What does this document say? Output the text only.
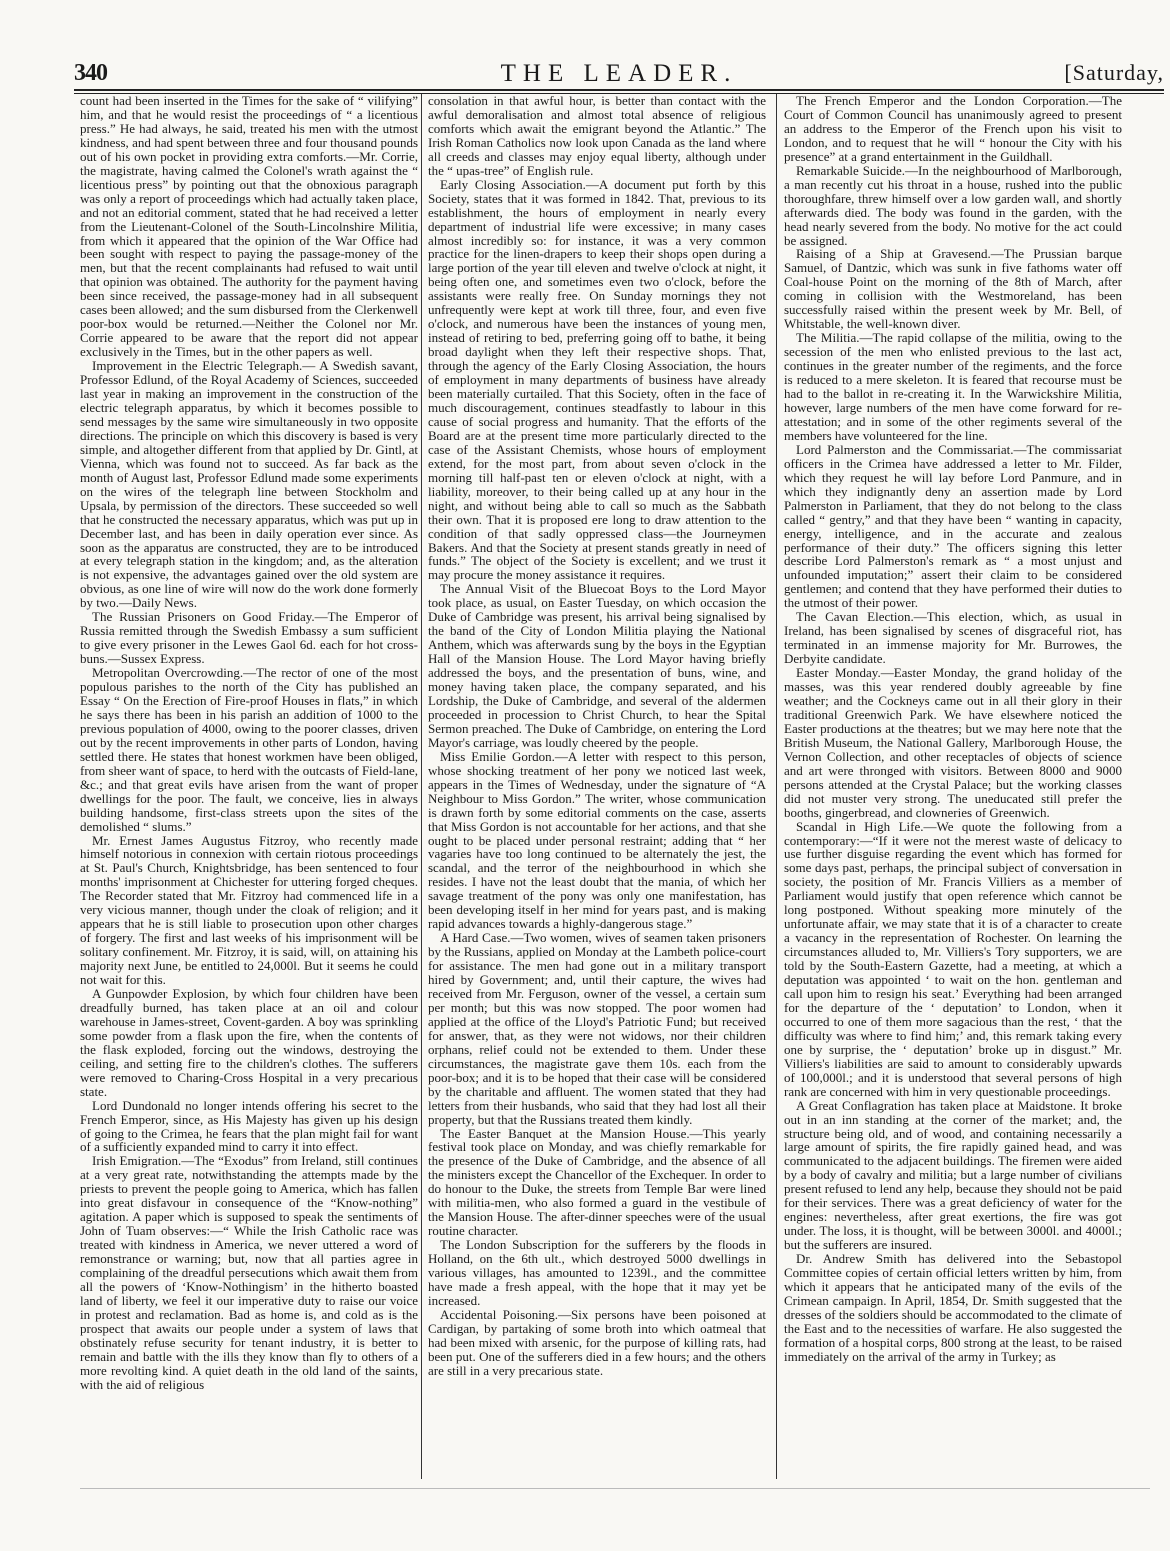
340	THE LEADER.	[Saturday,

count had been inserted in the Times for the sake of “ vilifying” him, and that he would resist the proceedings of “ a licentious press.” He had always, he said, treated his men with the utmost kindness, and had spent between three and four thousand pounds out of his own pocket in providing extra comforts.—Mr. Corrie, the magistrate, having calmed the Colonel's wrath against the “ licentious press” by pointing out that the obnoxious paragraph was only a report of proceedings which had actually taken place, and not an editorial comment, stated that he had received a letter from the Lieutenant-Colonel of the South-Lincolnshire Militia, from which it appeared that the opinion of the War Office had been sought with respect to paying the passage-money of the men, but that the recent complainants had refused to wait until that opinion was obtained. The authority for the payment having been since received, the passage-money had in all subsequent cases been allowed; and the sum disbursed from the Clerkenwell poor-box would be returned.—Neither the Colonel nor Mr. Corrie appeared to be aware that the report did not appear exclusively in the Times, but in the other papers as well.

Improvement in the Electric Telegraph.— A Swedish savant, Professor Edlund, of the Royal Academy of Sciences, succeeded last year in making an improvement in the construction of the electric telegraph apparatus, by which it becomes possible to send messages by the same wire simultaneously in two opposite directions. The principle on which this discovery is based is very simple, and altogether different from that applied by Dr. Gintl, at Vienna, which was found not to succeed. As far back as the month of August last, Professor Edlund made some experiments on the wires of the telegraph line between Stockholm and Upsala, by permission of the directors. These succeeded so well that he constructed the necessary apparatus, which was put up in December last, and has been in daily operation ever since. As soon as the apparatus are constructed, they are to be introduced at every telegraph station in the kingdom; and, as the alteration is not expensive, the advantages gained over the old system are obvious, as one line of wire will now do the work done formerly by two.—Daily News.

The Russian Prisoners on Good Friday.—The Emperor of Russia remitted through the Swedish Embassy a sum sufficient to give every prisoner in the Lewes Gaol 6d. each for hot cross-buns.—Sussex Express.

Metropolitan Overcrowding.—The rector of one of the most populous parishes to the north of the City has published an Essay “ On the Erection of Fire-proof Houses in flats,” in which he says there has been in his parish an addition of 1000 to the previous population of 4000, owing to the poorer classes, driven out by the recent improvements in other parts of London, having settled there. He states that honest workmen have been obliged, from sheer want of space, to herd with the outcasts of Field-lane, &c.; and that great evils have arisen from the want of proper dwellings for the poor. The fault, we conceive, lies in always building handsome, first-class streets upon the sites of the demolished “ slums.”

Mr. Ernest James Augustus Fitzroy, who recently made himself notorious in connexion with certain riotous proceedings at St. Paul's Church, Knightsbridge, has been sentenced to four months' imprisonment at Chichester for uttering forged cheques. The Recorder stated that Mr. Fitzroy had commenced life in a very vicious manner, though under the cloak of religion; and it appears that he is still liable to prosecution upon other charges of forgery. The first and last weeks of his imprisonment will be solitary confinement. Mr. Fitzroy, it is said, will, on attaining his majority next June, be entitled to 24,000l. But it seems he could not wait for this.

A Gunpowder Explosion, by which four children have been dreadfully burned, has taken place at an oil and colour warehouse in James-street, Covent-garden. A boy was sprinkling some powder from a flask upon the fire, when the contents of the flask exploded, forcing out the windows, destroying the ceiling, and setting fire to the children's clothes. The sufferers were removed to Charing-Cross Hospital in a very precarious state.

Lord Dundonald no longer intends offering his secret to the French Emperor, since, as His Majesty has given up his design of going to the Crimea, he fears that the plan might fail for want of a sufficiently expanded mind to carry it into effect.

Irish Emigration.—The “Exodus” from Ireland, still continues at a very great rate, notwithstanding the attempts made by the priests to prevent the people going to America, which has fallen into great disfavour in consequence of the “Know-nothing” agitation. A paper which is supposed to speak the sentiments of John of Tuam observes:—“ While the Irish Catholic race was treated with kindness in America, we never uttered a word of remonstrance or warning; but, now that all parties agree in complaining of the dreadful persecutions which await them from all the powers of ‘Know-Nothingism’ in the hitherto boasted land of liberty, we feel it our imperative duty to raise our voice in protest and reclamation. Bad as home is, and cold as is the prospect that awaits our people under a system of laws that obstinately refuse security for tenant industry, it is better to remain and battle with the ills they know than fly to others of a more revolting kind. A quiet death in the old land of the saints, with the aid of religious

consolation in that awful hour, is better than contact with the awful demoralisation and almost total absence of religious comforts which await the emigrant beyond the Atlantic.” The Irish Roman Catholics now look upon Canada as the land where all creeds and classes may enjoy equal liberty, although under the “ upas-tree” of English rule.

Early Closing Association.—A document put forth by this Society, states that it was formed in 1842. That, previous to its establishment, the hours of employment in nearly every department of industrial life were excessive; in many cases almost incredibly so: for instance, it was a very common practice for the linen-drapers to keep their shops open during a large portion of the year till eleven and twelve o'clock at night, it being often one, and sometimes even two o'clock, before the assistants were really free. On Sunday mornings they not unfrequently were kept at work till three, four, and even five o'clock, and numerous have been the instances of young men, instead of retiring to bed, preferring going off to bathe, it being broad daylight when they left their respective shops. That, through the agency of the Early Closing Association, the hours of employment in many departments of business have already been materially curtailed. That this Society, often in the face of much discouragement, continues steadfastly to labour in this cause of social progress and humanity. That the efforts of the Board are at the present time more particularly directed to the case of the Assistant Chemists, whose hours of employment extend, for the most part, from about seven o'clock in the morning till half-past ten or eleven o'clock at night, with a liability, moreover, to their being called up at any hour in the night, and without being able to call so much as the Sabbath their own. That it is proposed ere long to draw attention to the condition of that sadly oppressed class—the Journeymen Bakers. And that the Society at present stands greatly in need of funds.” The object of the Society is excellent; and we trust it may procure the money assistance it requires.

The Annual Visit of the Bluecoat Boys to the Lord Mayor took place, as usual, on Easter Tuesday, on which occasion the Duke of Cambridge was present, his arrival being signalised by the band of the City of London Militia playing the National Anthem, which was afterwards sung by the boys in the Egyptian Hall of the Mansion House. The Lord Mayor having briefly addressed the boys, and the presentation of buns, wine, and money having taken place, the company separated, and his Lordship, the Duke of Cambridge, and several of the aldermen proceeded in procession to Christ Church, to hear the Spital Sermon preached. The Duke of Cambridge, on entering the Lord Mayor's carriage, was loudly cheered by the people.

Miss Emilie Gordon.—A letter with respect to this person, whose shocking treatment of her pony we noticed last week, appears in the Times of Wednesday, under the signature of “A Neighbour to Miss Gordon.” The writer, whose communication is drawn forth by some editorial comments on the case, asserts that Miss Gordon is not accountable for her actions, and that she ought to be placed under personal restraint; adding that “ her vagaries have too long continued to be alternately the jest, the scandal, and the terror of the neighbourhood in which she resides. I have not the least doubt that the mania, of which her savage treatment of the pony was only one manifestation, has been developing itself in her mind for years past, and is making rapid advances towards a highly-dangerous stage.”

A Hard Case.—Two women, wives of seamen taken prisoners by the Russians, applied on Monday at the Lambeth police-court for assistance. The men had gone out in a military transport hired by Government; and, until their capture, the wives had received from Mr. Ferguson, owner of the vessel, a certain sum per month; but this was now stopped. The poor women had applied at the office of the Lloyd's Patriotic Fund; but received for answer, that, as they were not widows, nor their children orphans, relief could not be extended to them. Under these circumstances, the magistrate gave them 10s. each from the poor-box; and it is to be hoped that their case will be considered by the charitable and affluent. The women stated that they had letters from their husbands, who said that they had lost all their property, but that the Russians treated them kindly.

The Easter Banquet at the Mansion House.—This yearly festival took place on Monday, and was chiefly remarkable for the presence of the Duke of Cambridge, and the absence of all the ministers except the Chancellor of the Exchequer. In order to do honour to the Duke, the streets from Temple Bar were lined with militia-men, who also formed a guard in the vestibule of the Mansion House. The after-dinner speeches were of the usual routine character.

The London Subscription for the sufferers by the floods in Holland, on the 6th ult., which destroyed 5000 dwellings in various villages, has amounted to 1239l., and the committee have made a fresh appeal, with the hope that it may yet be increased.

Accidental Poisoning.—Six persons have been poisoned at Cardigan, by partaking of some broth into which oatmeal that had been mixed with arsenic, for the purpose of killing rats, had been put. One of the sufferers died in a few hours; and the others are still in a very precarious state.

The French Emperor and the London Corporation.—The Court of Common Council has unanimously agreed to present an address to the Emperor of the French upon his visit to London, and to request that he will “ honour the City with his presence” at a grand entertainment in the Guildhall.

Remarkable Suicide.—In the neighbourhood of Marlborough, a man recently cut his throat in a house, rushed into the public thoroughfare, threw himself over a low garden wall, and shortly afterwards died. The body was found in the garden, with the head nearly severed from the body. No motive for the act could be assigned.

Raising of a Ship at Gravesend.—The Prussian barque Samuel, of Dantzic, which was sunk in five fathoms water off Coal-house Point on the morning of the 8th of March, after coming in collision with the Westmoreland, has been successfully raised within the present week by Mr. Bell, of Whitstable, the well-known diver.

The Militia.—The rapid collapse of the militia, owing to the secession of the men who enlisted previous to the last act, continues in the greater number of the regiments, and the force is reduced to a mere skeleton. It is feared that recourse must be had to the ballot in re-creating it. In the Warwickshire Militia, however, large numbers of the men have come forward for re-attestation; and in some of the other regiments several of the members have volunteered for the line.

Lord Palmerston and the Commissariat.—The commissariat officers in the Crimea have addressed a letter to Mr. Filder, which they request he will lay before Lord Panmure, and in which they indignantly deny an assertion made by Lord Palmerston in Parliament, that they do not belong to the class called “ gentry,” and that they have been “ wanting in capacity, energy, intelligence, and in the accurate and zealous performance of their duty.” The officers signing this letter describe Lord Palmerston's remark as “ a most unjust and unfounded imputation;” assert their claim to be considered gentlemen; and contend that they have performed their duties to the utmost of their power.

The Cavan Election.—This election, which, as usual in Ireland, has been signalised by scenes of disgraceful riot, has terminated in an immense majority for Mr. Burrowes, the Derbyite candidate.

Easter Monday.—Easter Monday, the grand holiday of the masses, was this year rendered doubly agreeable by fine weather; and the Cockneys came out in all their glory in their traditional Greenwich Park. We have elsewhere noticed the Easter productions at the theatres; but we may here note that the British Museum, the National Gallery, Marlborough House, the Vernon Collection, and other receptacles of objects of science and art were thronged with visitors. Between 8000 and 9000 persons attended at the Crystal Palace; but the working classes did not muster very strong. The uneducated still prefer the booths, gingerbread, and clowneries of Greenwich.

Scandal in High Life.—We quote the following from a contemporary:—“If it were not the merest waste of delicacy to use further disguise regarding the event which has formed for some days past, perhaps, the principal subject of conversation in society, the position of Mr. Francis Villiers as a member of Parliament would justify that open reference which cannot be long postponed. Without speaking more minutely of the unfortunate affair, we may state that it is of a character to create a vacancy in the representation of Rochester. On learning the circumstances alluded to, Mr. Villiers's Tory supporters, we are told by the South-Eastern Gazette, had a meeting, at which a deputation was appointed ‘ to wait on the hon. gentleman and call upon him to resign his seat.’ Everything had been arranged for the departure of the ‘ deputation’ to London, when it occurred to one of them more sagacious than the rest, ‘ that the difficulty was where to find him;’ and, this remark taking every one by surprise, the ‘ deputation’ broke up in disgust.” Mr. Villiers's liabilities are said to amount to considerably upwards of 100,000l.; and it is understood that several persons of high rank are concerned with him in very questionable proceedings.

A Great Conflagration has taken place at Maidstone. It broke out in an inn standing at the corner of the market; and, the structure being old, and of wood, and containing necessarily a large amount of spirits, the fire rapidly gained head, and was communicated to the adjacent buildings. The firemen were aided by a body of cavalry and militia; but a large number of civilians present refused to lend any help, because they should not be paid for their services. There was a great deficiency of water for the engines: nevertheless, after great exertions, the fire was got under. The loss, it is thought, will be between 3000l. and 4000l.; but the sufferers are insured.

Dr. Andrew Smith has delivered into the Sebastopol Committee copies of certain official letters written by him, from which it appears that he anticipated many of the evils of the Crimean campaign. In April, 1854, Dr. Smith suggested that the dresses of the soldiers should be accommodated to the climate of the East and to the necessities of warfare. He also suggested the formation of a hospital corps, 800 strong at the least, to be raised immediately on the arrival of the army in Turkey; as
